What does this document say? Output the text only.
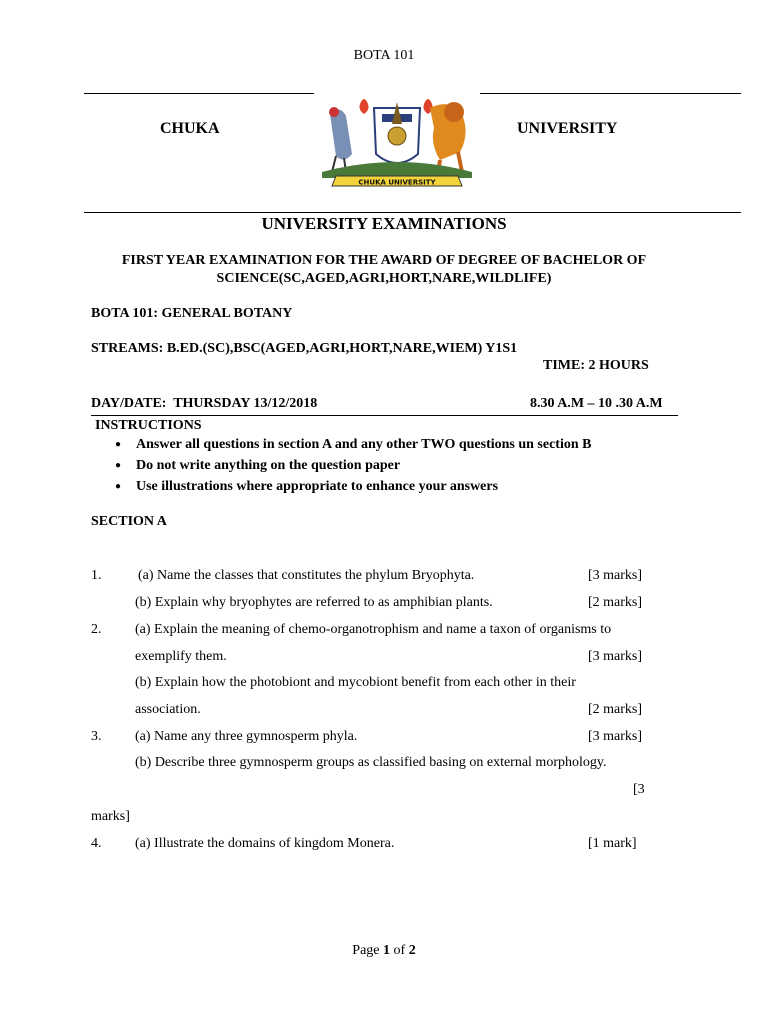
BOTA 101
CHUKA	UNIVERSITY
CHUKA UNIVERSITY
UNIVERSITY EXAMINATIONS
FIRST YEAR EXAMINATION FOR THE AWARD OF DEGREE OF BACHELOR OF
SCIENCE(SC,AGED,AGRI,HORT,NARE,WILDLIFE)
BOTA 101: GENERAL BOTANY
STREAMS: B.ED.(SC),BSC(AGED,AGRI,HORT,NARE,WIEM) Y1S1
TIME: 2 HOURS
DAY/DATE:  THURSDAY 13/12/2018	8.30 A.M – 10 .30 A.M
INSTRUCTIONS
● Answer all questions in section A and any other TWO questions un section B
● Do not write anything on the question paper
● Use illustrations where appropriate to enhance your answers
SECTION A
1.	(a) Name the classes that constitutes the phylum Bryophyta.	[3 marks]
(b) Explain why bryophytes are referred to as amphibian plants.	[2 marks]
2. (a) Explain the meaning of chemo-organotrophism and name a taxon of organisms to
exemplify them.	[3 marks]
(b) Explain how the photobiont and mycobiont benefit from each other in their
association.	[2 marks]
3. (a) Name any three gymnosperm phyla.	[3 marks]
(b) Describe three gymnosperm groups as classified basing on external morphology.
[3
marks]
4. (a) Illustrate the domains of kingdom Monera.	[1 mark]
Page 1 of 2
